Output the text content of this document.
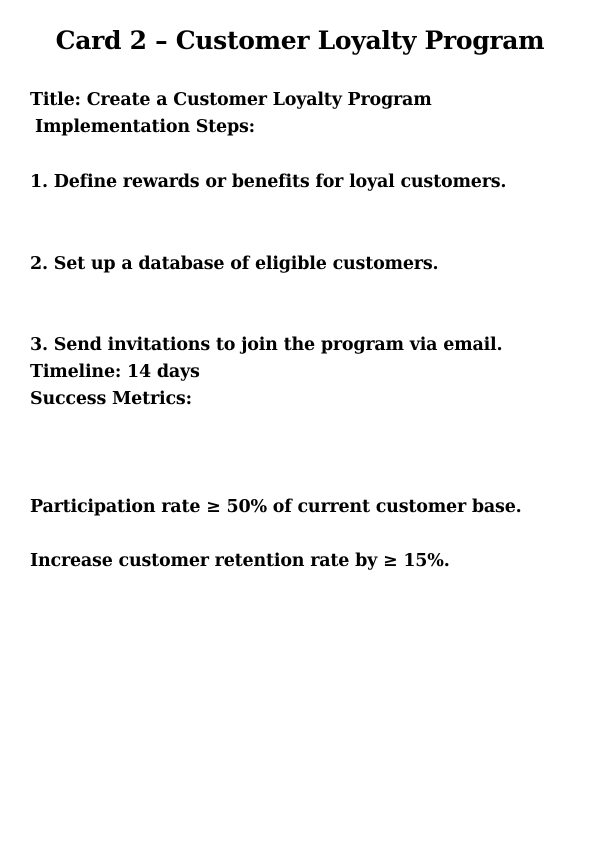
Card 2 – Customer Loyalty Program
Title: Create a Customer Loyalty Program
Implementation Steps:
1. Define rewards or benefits for loyal customers.
2. Set up a database of eligible customers.
3. Send invitations to join the program via email.
Timeline: 14 days
Success Metrics:
Participation rate ≥ 50% of current customer base.
Increase customer retention rate by ≥ 15%.
